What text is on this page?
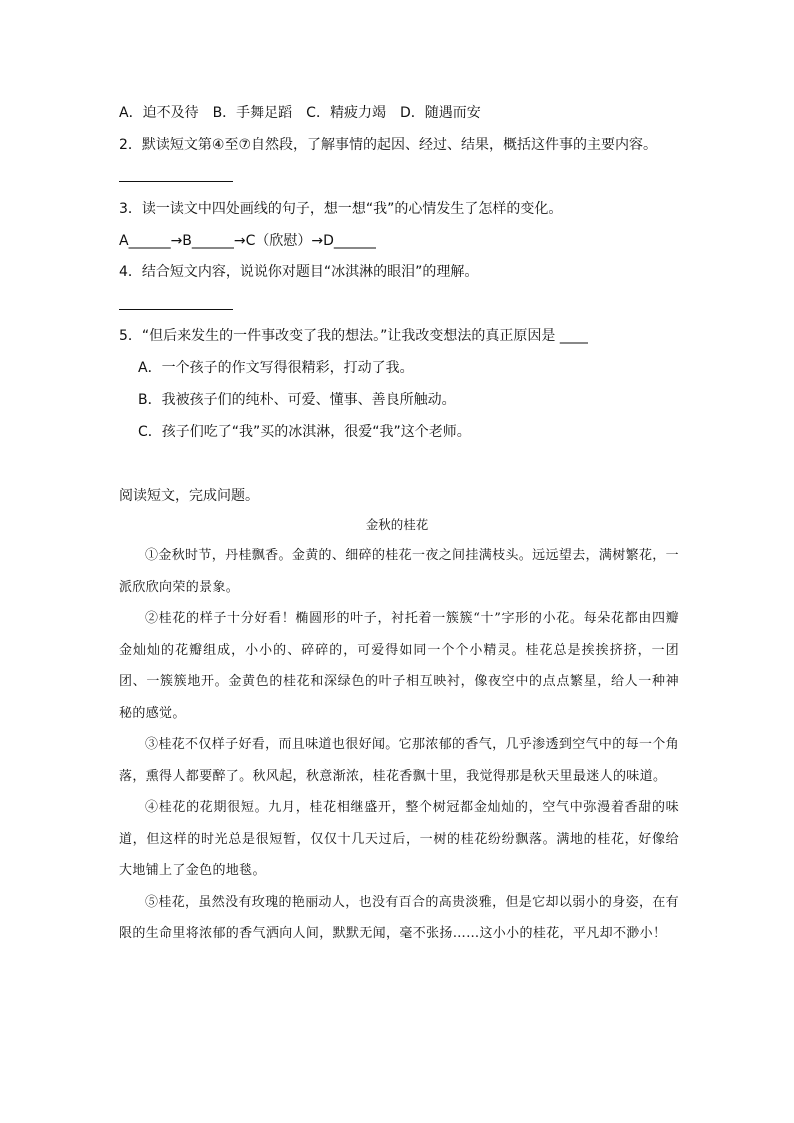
A．迫不及待　B．手舞足蹈　C．精疲力竭　D．随遇而安
2．默读短文第④至⑦自然段，了解事情的起因、经过、结果，概括这件事的主要内容。
3．读一读文中四处画线的句子，想一想“我”的心情发生了怎样的变化。
A______→B______→C（欣慰）→D______
4．结合短文内容，说说你对题目“冰淇淋的眼泪”的理解。
5．“但后来发生的一件事改变了我的想法。”让我改变想法的真正原因是 ____
A．一个孩子的作文写得很精彩，打动了我。
B．我被孩子们的纯朴、可爱、懂事、善良所触动。
C．孩子们吃了“我”买的冰淇淋，很爱“我”这个老师。
阅读短文，完成问题。
金秋的桂花

①金秋时节，丹桂飘香。金黄的、细碎的桂花一夜之间挂满枝头。远远望去，满树繁花，一派欣欣向荣的景象。

②桂花的样子十分好看！椭圆形的叶子，衬托着一簇簇“十”字形的小花。每朵花都由四瓣金灿灿的花瓣组成，小小的、碎碎的，可爱得如同一个个小精灵。桂花总是挨挨挤挤，一团团、一簇簇地开。金黄色的桂花和深绿色的叶子相互映衬，像夜空中的点点繁星，给人一种神秘的感觉。

③桂花不仅样子好看，而且味道也很好闻。它那浓郁的香气，几乎渗透到空气中的每一个角落，熏得人都要醉了。秋风起，秋意渐浓，桂花香飘十里，我觉得那是秋天里最迷人的味道。

④桂花的花期很短。九月，桂花相继盛开，整个树冠都金灿灿的，空气中弥漫着香甜的味道，但这样的时光总是很短暂，仅仅十几天过后，一树的桂花纷纷飘落。满地的桂花，好像给大地铺上了金色的地毯。

⑤桂花，虽然没有玫瑰的艳丽动人，也没有百合的高贵淡雅，但是它却以弱小的身姿，在有限的生命里将浓郁的香气洒向人间，默默无闻，毫不张扬……这小小的桂花，平凡却不渺小！
